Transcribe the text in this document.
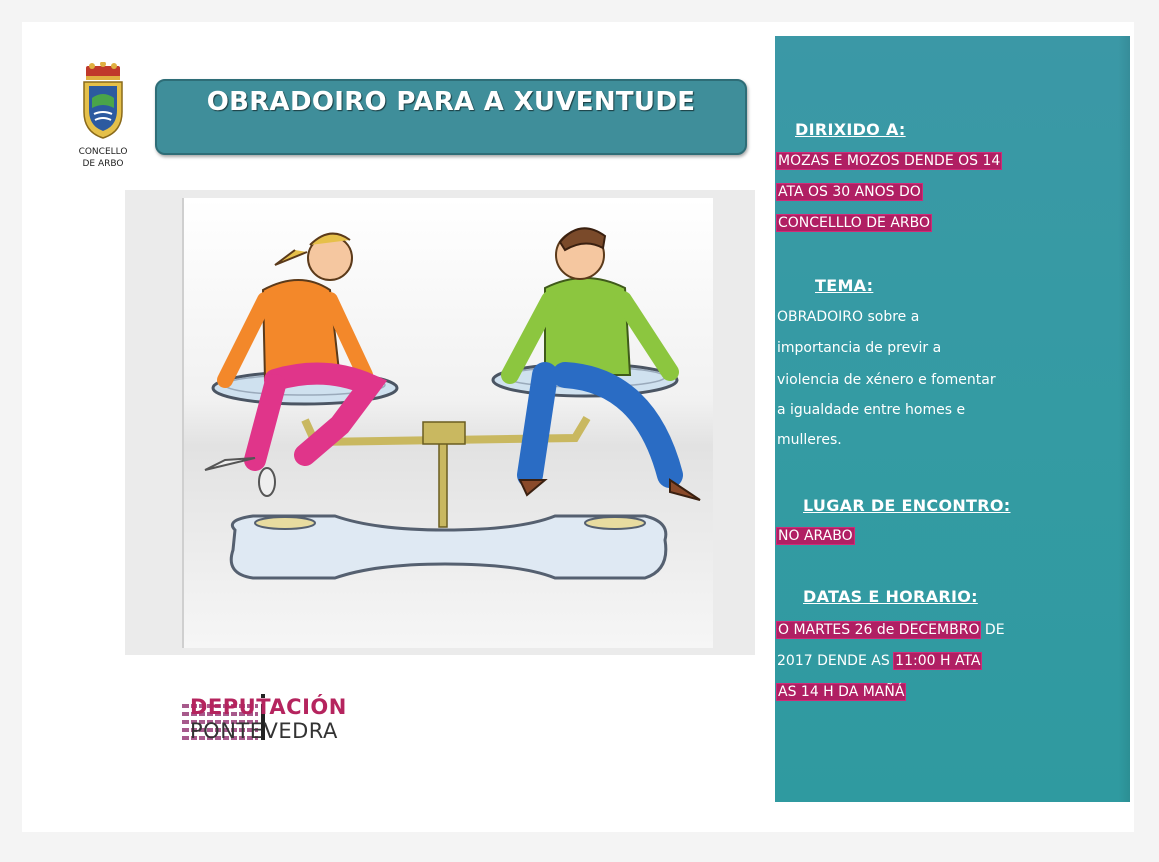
CONCELLO
DE ARBO
OBRADOIRO PARA A XUVENTUDE
DEPUTACIÓN
PONTEVEDRA
DIRIXIDO A:
MOZAS E MOZOS DENDE OS 14
ATA OS 30 ANOS DO
CONCELLLO DE ARBO
TEMA:
OBRADOIRO sobre a
importancia de previr a
violencia de xénero e fomentar
a igualdade entre homes e
mulleres.
LUGAR DE ENCONTRO:
NO ARABO
DATAS E HORARIO:
O MARTES 26 de DECEMBRO DE
2017 DENDE AS 11:00 H ATA
AS 14 H DA MAÑÁ
